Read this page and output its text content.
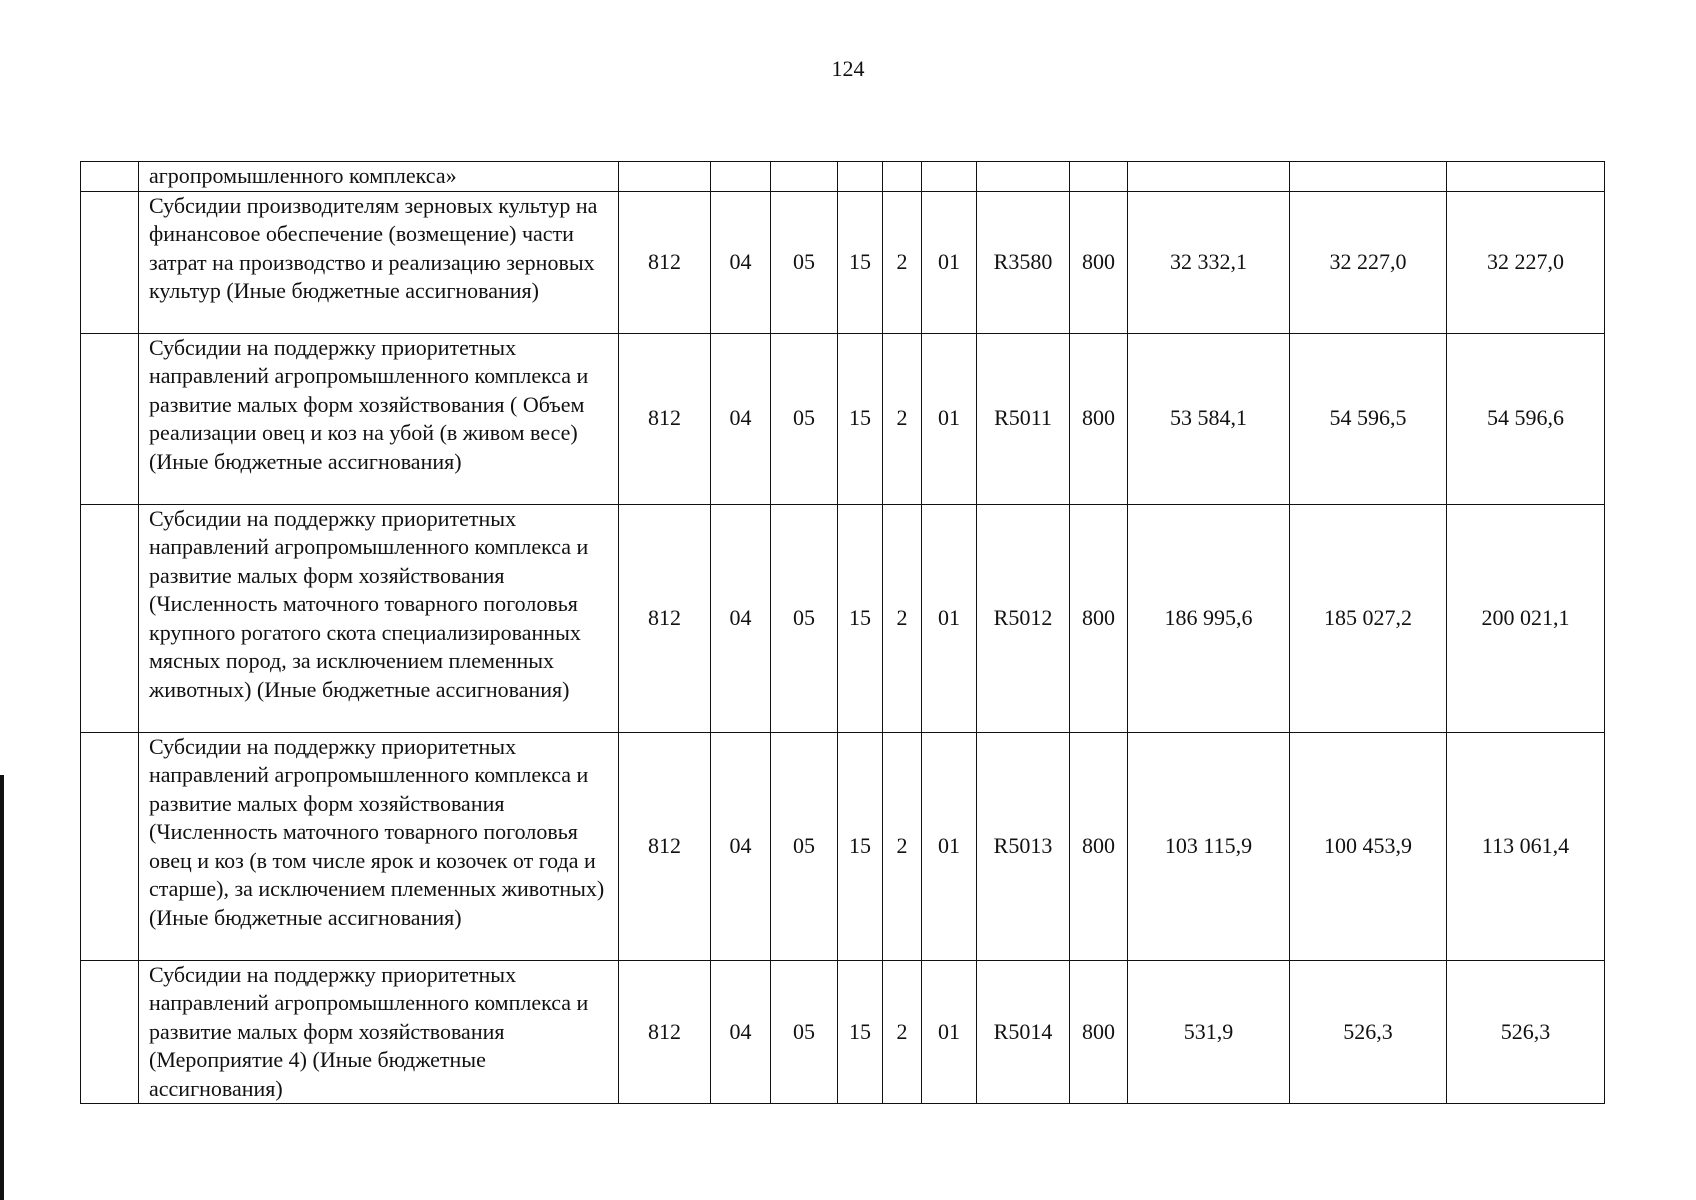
124
	агропромышленного комплекса»											
	Субсидии производителям зерновых культур на финансовое обеспечение (возмещение) части затрат на производство и реализацию зерновых культур (Иные бюджетные ассигнования)	812	04	05	15	2	01	R3580	800	32 332,1	32 227,0	32 227,0
	Субсидии на поддержку приоритетных направлений агропромышленного комплекса и развитие малых форм хозяйствования ( Объем реализации овец и коз на убой (в живом весе) (Иные бюджетные ассигнования)	812	04	05	15	2	01	R5011	800	53 584,1	54 596,5	54 596,6
	Субсидии на поддержку приоритетных направлений агропромышленного комплекса и развитие малых форм хозяйствования (Численность маточного товарного поголовья крупного рогатого скота специализированных мясных пород, за исключением племенных животных) (Иные бюджетные ассигнования)	812	04	05	15	2	01	R5012	800	186 995,6	185 027,2	200 021,1
	Субсидии на поддержку приоритетных направлений агропромышленного комплекса и развитие малых форм хозяйствования (Численность маточного товарного поголовья овец и коз (в том числе ярок и козочек от года и старше), за исключением племенных животных) (Иные бюджетные ассигнования)	812	04	05	15	2	01	R5013	800	103 115,9	100 453,9	113 061,4
	Субсидии на поддержку приоритетных направлений агропромышленного комплекса и развитие малых форм хозяйствования (Мероприятие 4) (Иные бюджетные ассигнования)	812	04	05	15	2	01	R5014	800	531,9	526,3	526,3
